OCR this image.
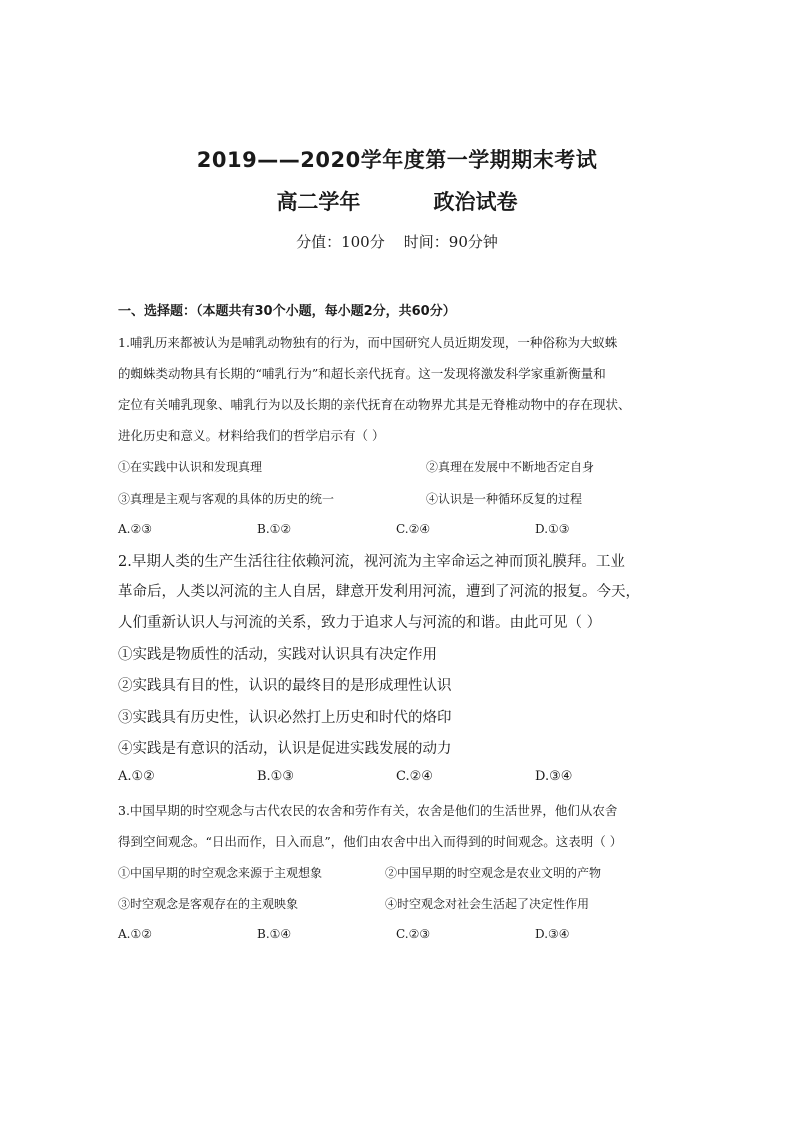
2019——2020学年度第一学期期末考试
高二学年          政治试卷
分值：100分    时间：90分钟
一、选择题：（本题共有30个小题，每小题2分，共60分）
1.哺乳历来都被认为是哺乳动物独有的行为，而中国研究人员近期发现，一种俗称为大蚁蛛
的蜘蛛类动物具有长期的“哺乳行为”和超长亲代抚育。这一发现将激发科学家重新衡量和
定位有关哺乳现象、哺乳行为以及长期的亲代抚育在动物界尤其是无脊椎动物中的存在现状、
进化历史和意义。材料给我们的哲学启示有（ ）
①在实践中认识和发现真理	②真理在发展中不断地否定自身
③真理是主观与客观的具体的历史的统一	④认识是一种循环反复的过程
A.②③	B.①②	C.②④	D.①③
2.早期人类的生产生活往往依赖河流，视河流为主宰命运之神而顶礼膜拜。工业
革命后，人类以河流的主人自居，肆意开发利用河流，遭到了河流的报复。今天，
人们重新认识人与河流的关系，致力于追求人与河流的和谐。由此可见（ ）
①实践是物质性的活动，实践对认识具有决定作用
②实践具有目的性，认识的最终目的是形成理性认识
③实践具有历史性，认识必然打上历史和时代的烙印
④实践是有意识的活动，认识是促进实践发展的动力
A.①②	B.①③	C.②④	D.③④
3.中国早期的时空观念与古代农民的农舍和劳作有关，农舍是他们的生活世界，他们从农舍
得到空间观念。“日出而作，日入而息”，他们由农舍中出入而得到的时间观念。这表明（ ）
①中国早期的时空观念来源于主观想象	②中国早期的时空观念是农业文明的产物
③时空观念是客观存在的主观映象	④时空观念对社会生活起了决定性作用
A.①②	B.①④	C.②③	D.③④
